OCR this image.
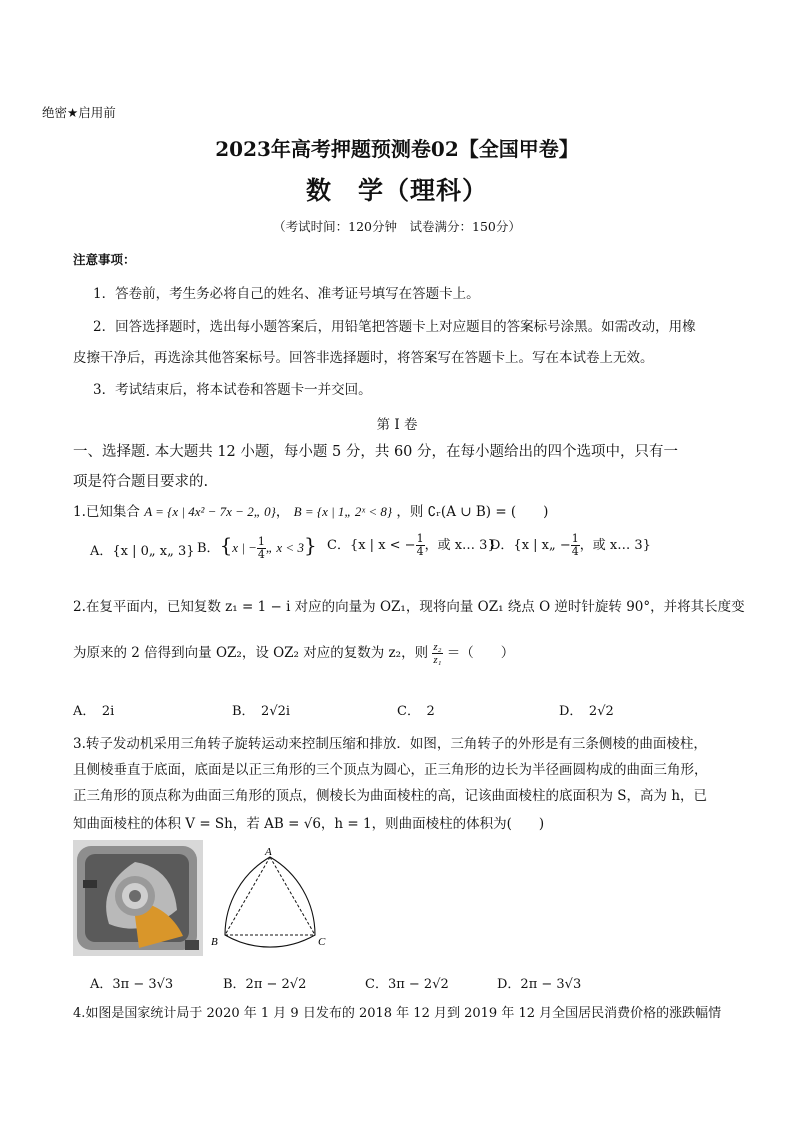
绝密★启用前
2023年高考押题预测卷02【全国甲卷】
数　学（理科）
（考试时间：120分钟　试卷满分：150分）
注意事项：
1．答卷前，考生务必将自己的姓名、准考证号填写在答题卡上。
2．回答选择题时，选出每小题答案后，用铅笔把答题卡上对应题目的答案标号涂黑。如需改动，用橡
皮擦干净后，再选涂其他答案标号。回答非选择题时，将答案写在答题卡上。写在本试卷上无效。
3．考试结束后，将本试卷和答题卡一并交回。
第 I 卷
一、选择题. 本大题共 12 小题，每小题 5 分，共 60 分，在每小题给出的四个选项中，只有一
项是符合题目要求的.
1.已知集合 A = {x | 4x² − 7x − 2„ 0}， B = {x | 1„ 2ˣ < 8} ，则 ∁ᵣ(A ∪ B) = (　　)
A．{x | 0„ x„ 3} B．{x | − $\frac{1}{4}$ „ x < 3} C．{x | x < − $\frac{1}{4}$ ，或 x… 3}
D．{x | x„ − $\frac{1}{4}$ ，或 x… 3}
2.在复平面内，已知复数 z₁ = 1 − i 对应的向量为 OZ₁，现将向量 OZ₁ 绕点 O 逆时针旋转 90°，并将其长度变
为原来的 2 倍得到向量 OZ₂，设 OZ₂ 对应的复数为 z₂，则 $\frac{\text{z₂}}{\text{z₁}}$ ＝（　　）
A．　2i	B．　2√2i	C．　2	D．　2√2
3.转子发动机采用三角转子旋转运动来控制压缩和排放．如图，三角转子的外形是有三条侧棱的曲面棱柱，
且侧棱垂直于底面，底面是以正三角形的三个顶点为圆心，正三角形的边长为半径画圆构成的曲面三角形，
正三角形的顶点称为曲面三角形的顶点，侧棱长为曲面棱柱的高，记该曲面棱柱的底面积为 S，高为 h，已
知曲面棱柱的体积 V = Sh，若 AB = √6，h = 1，则曲面棱柱的体积为(　　)
A
B	C
A．3π − 3√3	B．2π − 2√2	C．3π − 2√2	D．2π − 3√3
4.如图是国家统计局于 2020 年 1 月 9 日发布的 2018 年 12 月到 2019 年 12 月全国居民消费价格的涨跌幅情
